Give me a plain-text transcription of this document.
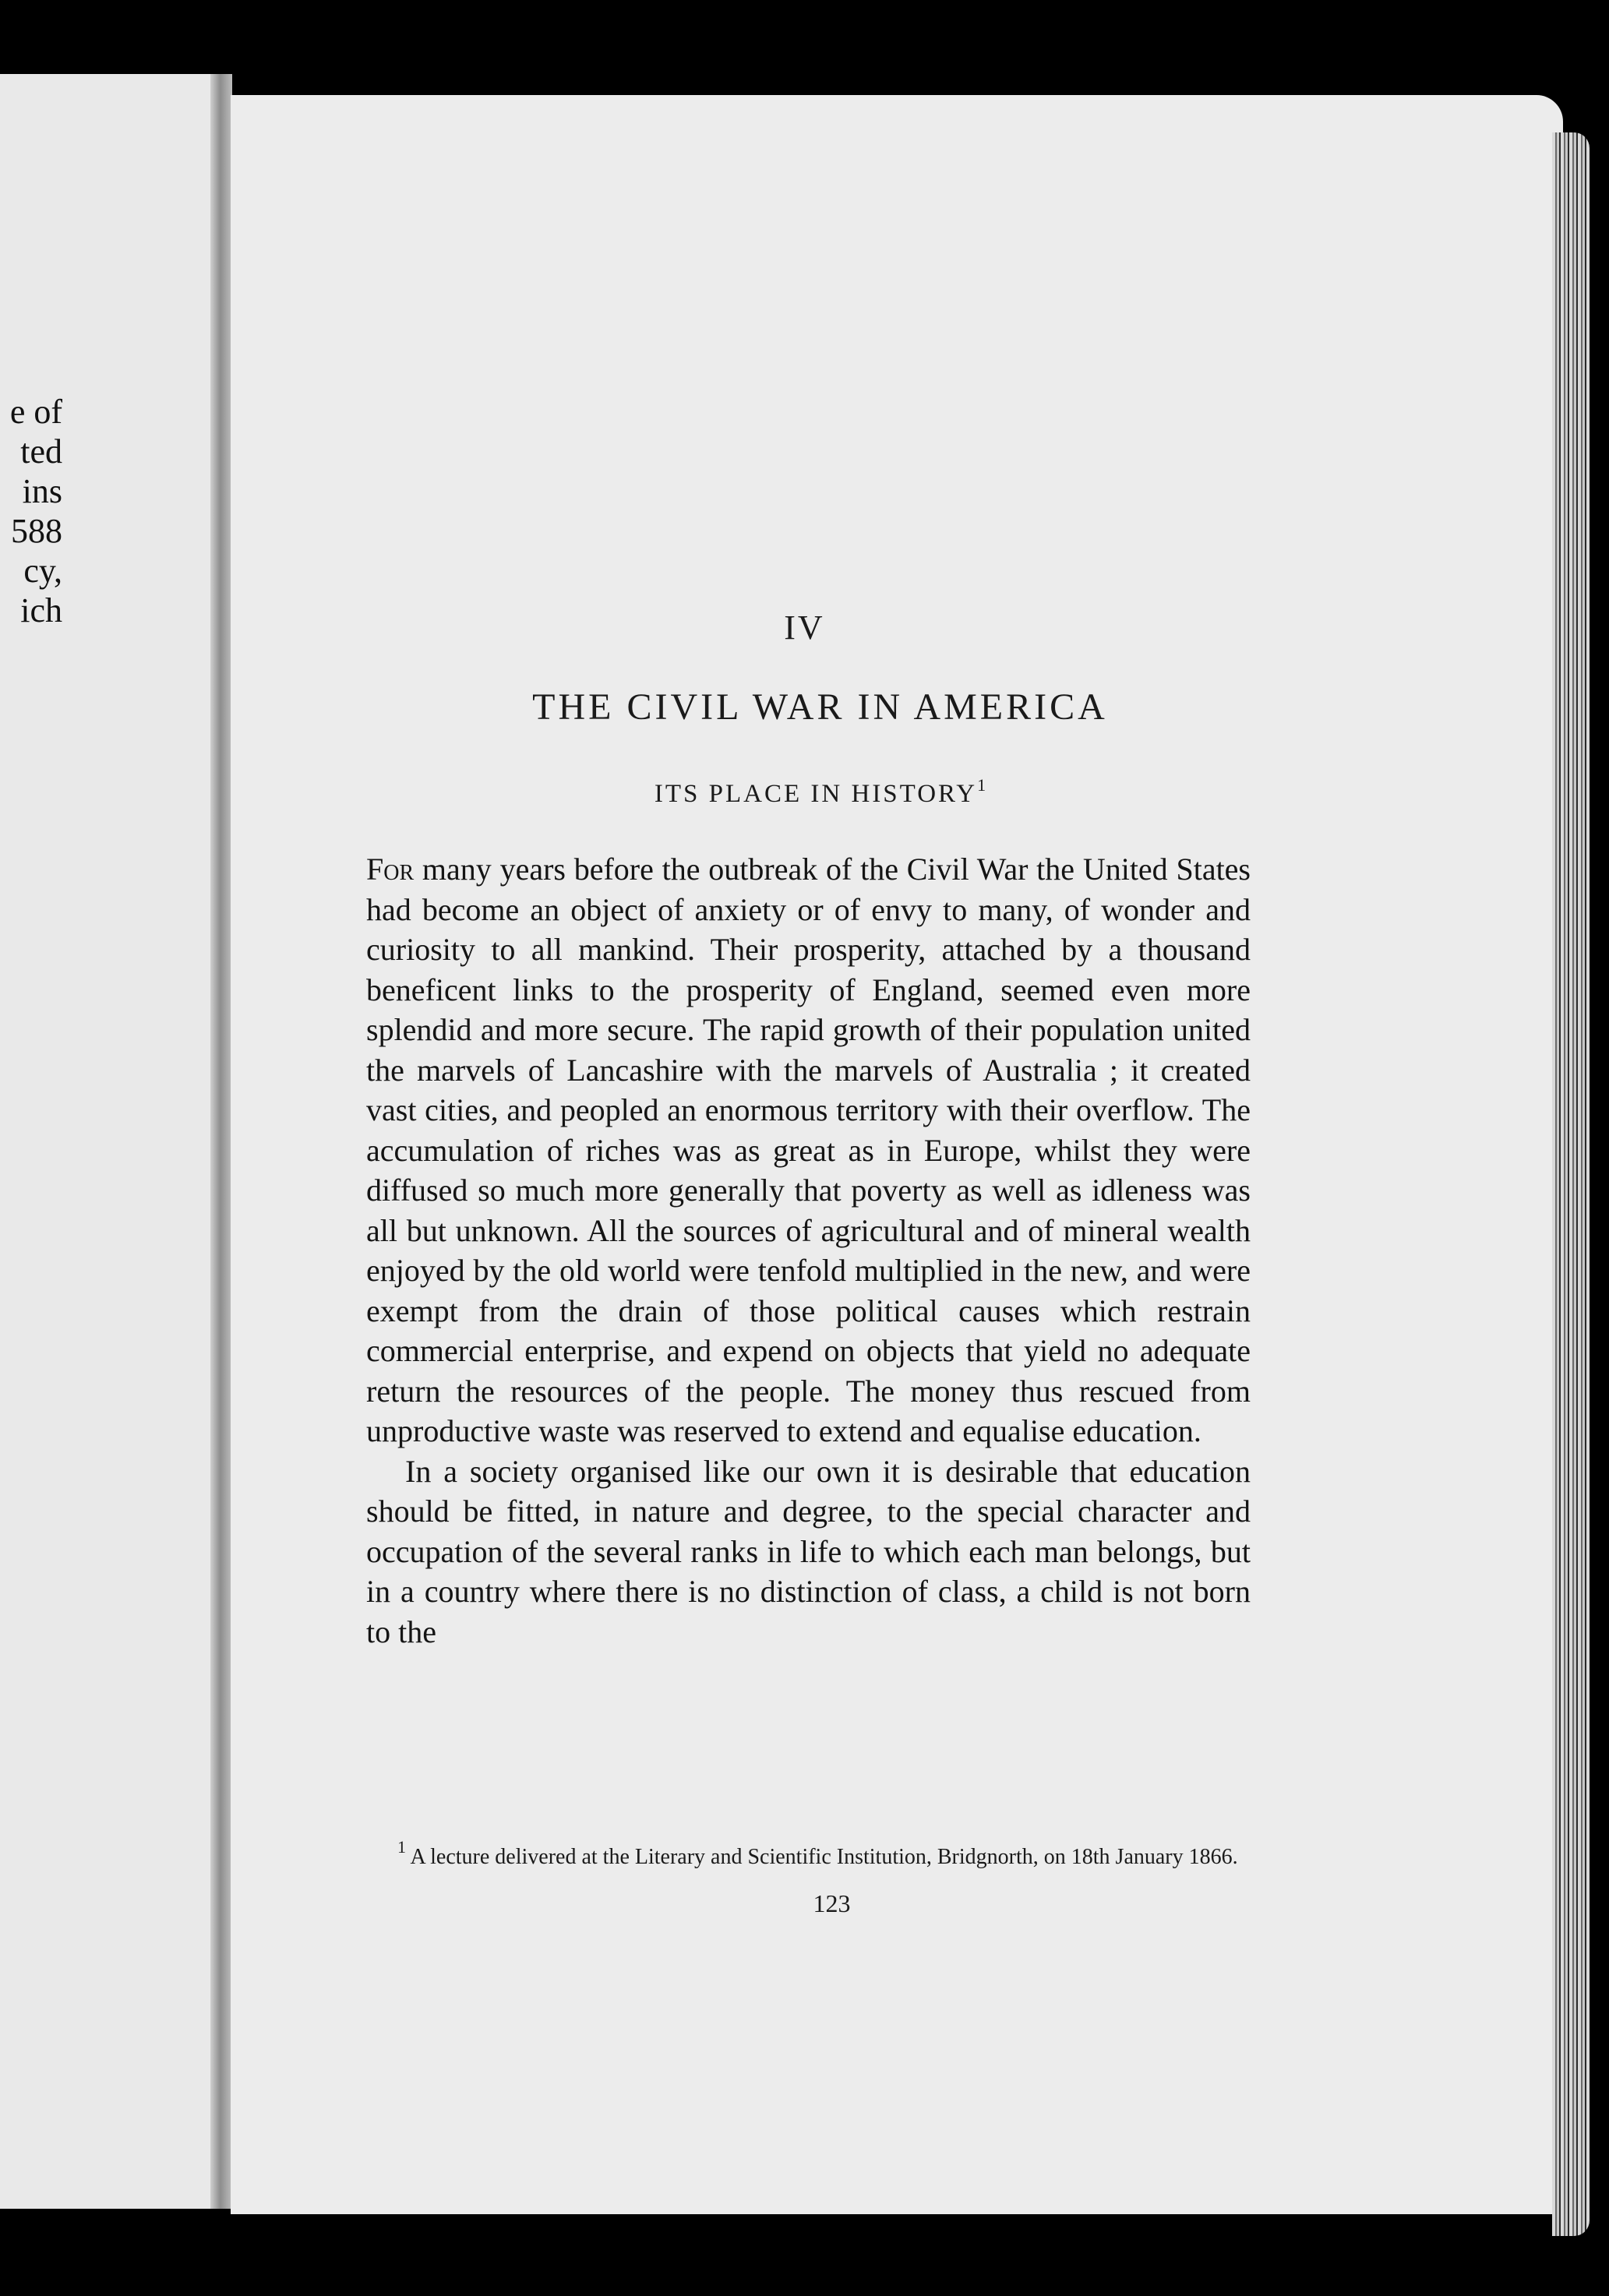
e of
ted
ins
588
cy,
ich	IV
THE CIVIL WAR IN AMERICA
ITS PLACE IN HISTORY$^1$

For many years before the outbreak of the Civil War the United States had become an object of anxiety or of envy to many, of wonder and curiosity to all mankind. Their prosperity, attached by a thousand beneficent links to the prosperity of England, seemed even more splendid and more secure. The rapid growth of their population united the marvels of Lancashire with the marvels of Australia ; it created vast cities, and peopled an enormous territory with their overflow. The accumulation of riches was as great as in Europe, whilst they were diffused so much more generally that poverty as well as idleness was all but unknown. All the sources of agricultural and of mineral wealth enjoyed by the old world were tenfold multiplied in the new, and were exempt from the drain of those political causes which restrain commercial enterprise, and expend on objects that yield no adequate return the resources of the people. The money thus rescued from unproductive waste was reserved to extend and equalise education.

In a society organised like our own it is desirable that education should be fitted, in nature and degree, to the special character and occupation of the several ranks in life to which each man belongs, but in a country where there is no distinction of class, a child is not born to the

$^1$ A lecture delivered at the Literary and Scientific Institution, Bridgnorth, on 18th January 1866.
123
